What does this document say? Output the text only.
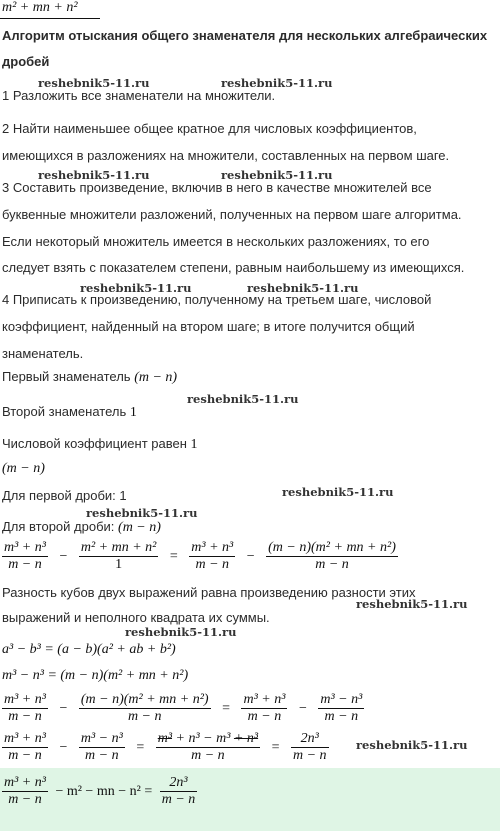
m² + mn + n²
Алгоритм отыскания общего знаменателя для нескольких алгебраических
дробей
reshebnik5-11.ru	reshebnik5-11.ru
reshebnik5-11.ru	reshebnik5-11.ru
reshebnik5-11.ru	reshebnik5-11.ru
reshebnik5-11.ru
reshebnik5-11.ru
reshebnik5-11.ru
reshebnik5-11.ru
reshebnik5-11.ru
reshebnik5-11.ru
1 Разложить все знаменатели на множители.
2 Найти наименьшее общее кратное для числовых коэффициентов,
имеющихся в разложениях на множители, составленных на первом шаге.
3 Составить произведение, включив в него в качестве множителей все
буквенные множители разложений, полученных на первом шаге алгоритма.
Если некоторый множитель имеется в нескольких разложениях, то его
следует взять с показателем степени, равным наибольшему из имеющихся.
4 Приписать к произведению, полученному на третьем шаге, числовой
коэффициент, найденный на втором шаге; в итоге получится общий
знаменатель.
Первый знаменатель (m − n)
Второй знаменатель 1
Числовой коэффициент равен 1
(m − n)
Для первой дроби: 1
Для второй дроби: (m − n)
$\frac{\text{m³ + n³}}{m - n} - \frac{\text{m² + mn + n²}}{1} = \frac{\text{m³ + n³}}{m - n} - \frac{\text{(m − n)(m² + mn + n²)}}{m - n}$
Разность кубов двух выражений равна произведению разности этих
выражений и неполного квадрата их суммы.
a³ − b³ = (a − b)(a² + ab + b²)
m³ − n³ = (m − n)(m² + mn + n²)
$\frac{\text{m³ + n³}}{m - n} - \frac{\text{(m − n)(m² + mn + n²)}}{m - n} = \frac{\text{m³ + n³}}{m - n} - \frac{\text{m³ − n³}}{m - n}$
$\frac{\text{m³ + n³}}{m - n} - \frac{\text{m³ − n³}}{m - n} = \frac{\text{m³ + n³ − m³ + n³}}{m - n} = \frac{\text{2n³}}{m - n}$
$\frac{\text{m³ + n³}}{m - n} - m^2$ − mn − $n^2 = \frac{\text{2n³}}{m - n}$
